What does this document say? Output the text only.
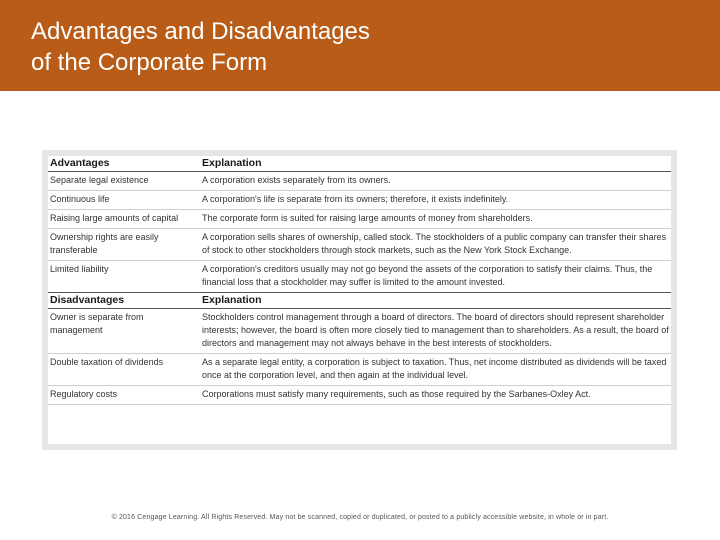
Advantages and Disadvantages
of the Corporate Form
Advantages	Explanation
Separate legal existence	A corporation exists separately from its owners.
Continuous life	A corporation's life is separate from its owners; therefore, it exists indefinitely.
Raising large amounts of capital	The corporate form is suited for raising large amounts of money from shareholders.
Ownership rights are easily transferable	A corporation sells shares of ownership, called stock. The stockholders of a public company can transfer their shares of stock to other stockholders through stock markets, such as the New York Stock Exchange.
Limited liability	A corporation's creditors usually may not go beyond the assets of the corporation to satisfy their claims. Thus, the financial loss that a stockholder may suffer is limited to the amount invested.
Disadvantages	Explanation
Owner is separate from management	Stockholders control management through a board of directors. The board of directors should represent shareholder interests; however, the board is often more closely tied to management than to shareholders. As a result, the board of directors and management may not always behave in the best interests of stockholders.
Double taxation of dividends	As a separate legal entity, a corporation is subject to taxation. Thus, net income distributed as dividends will be taxed once at the corporation level, and then again at the individual level.
Regulatory costs	Corporations must satisfy many requirements, such as those required by the Sarbanes-Oxley Act.
© 2016 Cengage Learning. All Rights Reserved. May not be scanned, copied or duplicated, or posted to a publicly accessible website, in whole or in part.
